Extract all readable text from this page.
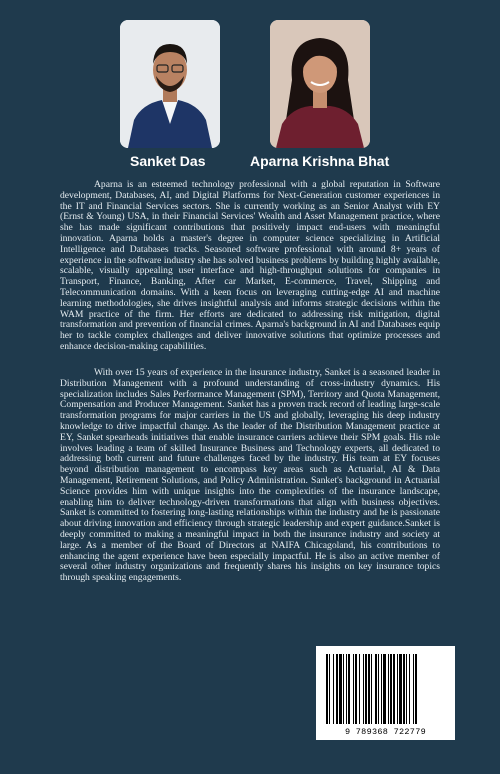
Sanket Das	Aparna Krishna Bhat

Aparna is an esteemed technology professional with a global reputation in Software development, Databases, AI, and Digital Platforms for Next-Generation customer experiences in the IT and Financial Services sectors. She is currently working as an Senior Analyst with EY (Ernst & Young) USA, in their Financial Services' Wealth and Asset Management practice, where she has made significant contributions that positively impact end-users with meaningful innovation. Aparna holds a master's degree in computer science specializing in Artificial Intelligence and Databases tracks. Seasoned software professional with around 8+ years of experience in the software industry she has solved business problems by building highly available, scalable, visually appealing user interface and high-throughput solutions for companies in Transport, Finance, Banking, After car Market, E-commerce, Travel, Shipping and Telecommunication domains. With a keen focus on leveraging cutting-edge AI and machine learning methodologies, she drives insightful analysis and informs strategic decisions within the WAM practice of the firm. Her efforts are dedicated to addressing risk mitigation, digital transformation and prevention of financial crimes. Aparna's background in AI and Databases equip her to tackle complex challenges and deliver innovative solutions that optimize processes and enhance decision-making capabilities.

With over 15 years of experience in the insurance industry, Sanket is a seasoned leader in Distribution Management with a profound understanding of cross-industry dynamics. His specialization includes Sales Performance Management (SPM), Territory and Quota Management, Compensation and Producer Management. Sanket has a proven track record of leading large-scale transformation programs for major carriers in the US and globally, leveraging his deep industry knowledge to drive impactful change. As the leader of the Distribution Management practice at EY, Sanket spearheads initiatives that enable insurance carriers achieve their SPM goals. His role involves leading a team of skilled Insurance Business and Technology experts, all dedicated to addressing both current and future challenges faced by the industry. His team at EY focuses beyond distribution management to encompass key areas such as Actuarial, AI & Data Management, Retirement Solutions, and Policy Administration. Sanket's background in Actuarial Science provides him with unique insights into the complexities of the insurance landscape, enabling him to deliver technology-driven transformations that align with business objectives. Sanket is committed to fostering long-lasting relationships within the industry and he is passionate about driving innovation and efficiency through strategic leadership and expert guidance.Sanket is deeply committed to making a meaningful impact in both the insurance industry and society at large. As a member of the Board of Directors at NAIFA Chicagoland, his contributions to enhancing the agent experience have been especially impactful. He is also an active member of several other industry organizations and frequently shares his insights on key insurance topics through speaking engagements.

9 789368 722779
